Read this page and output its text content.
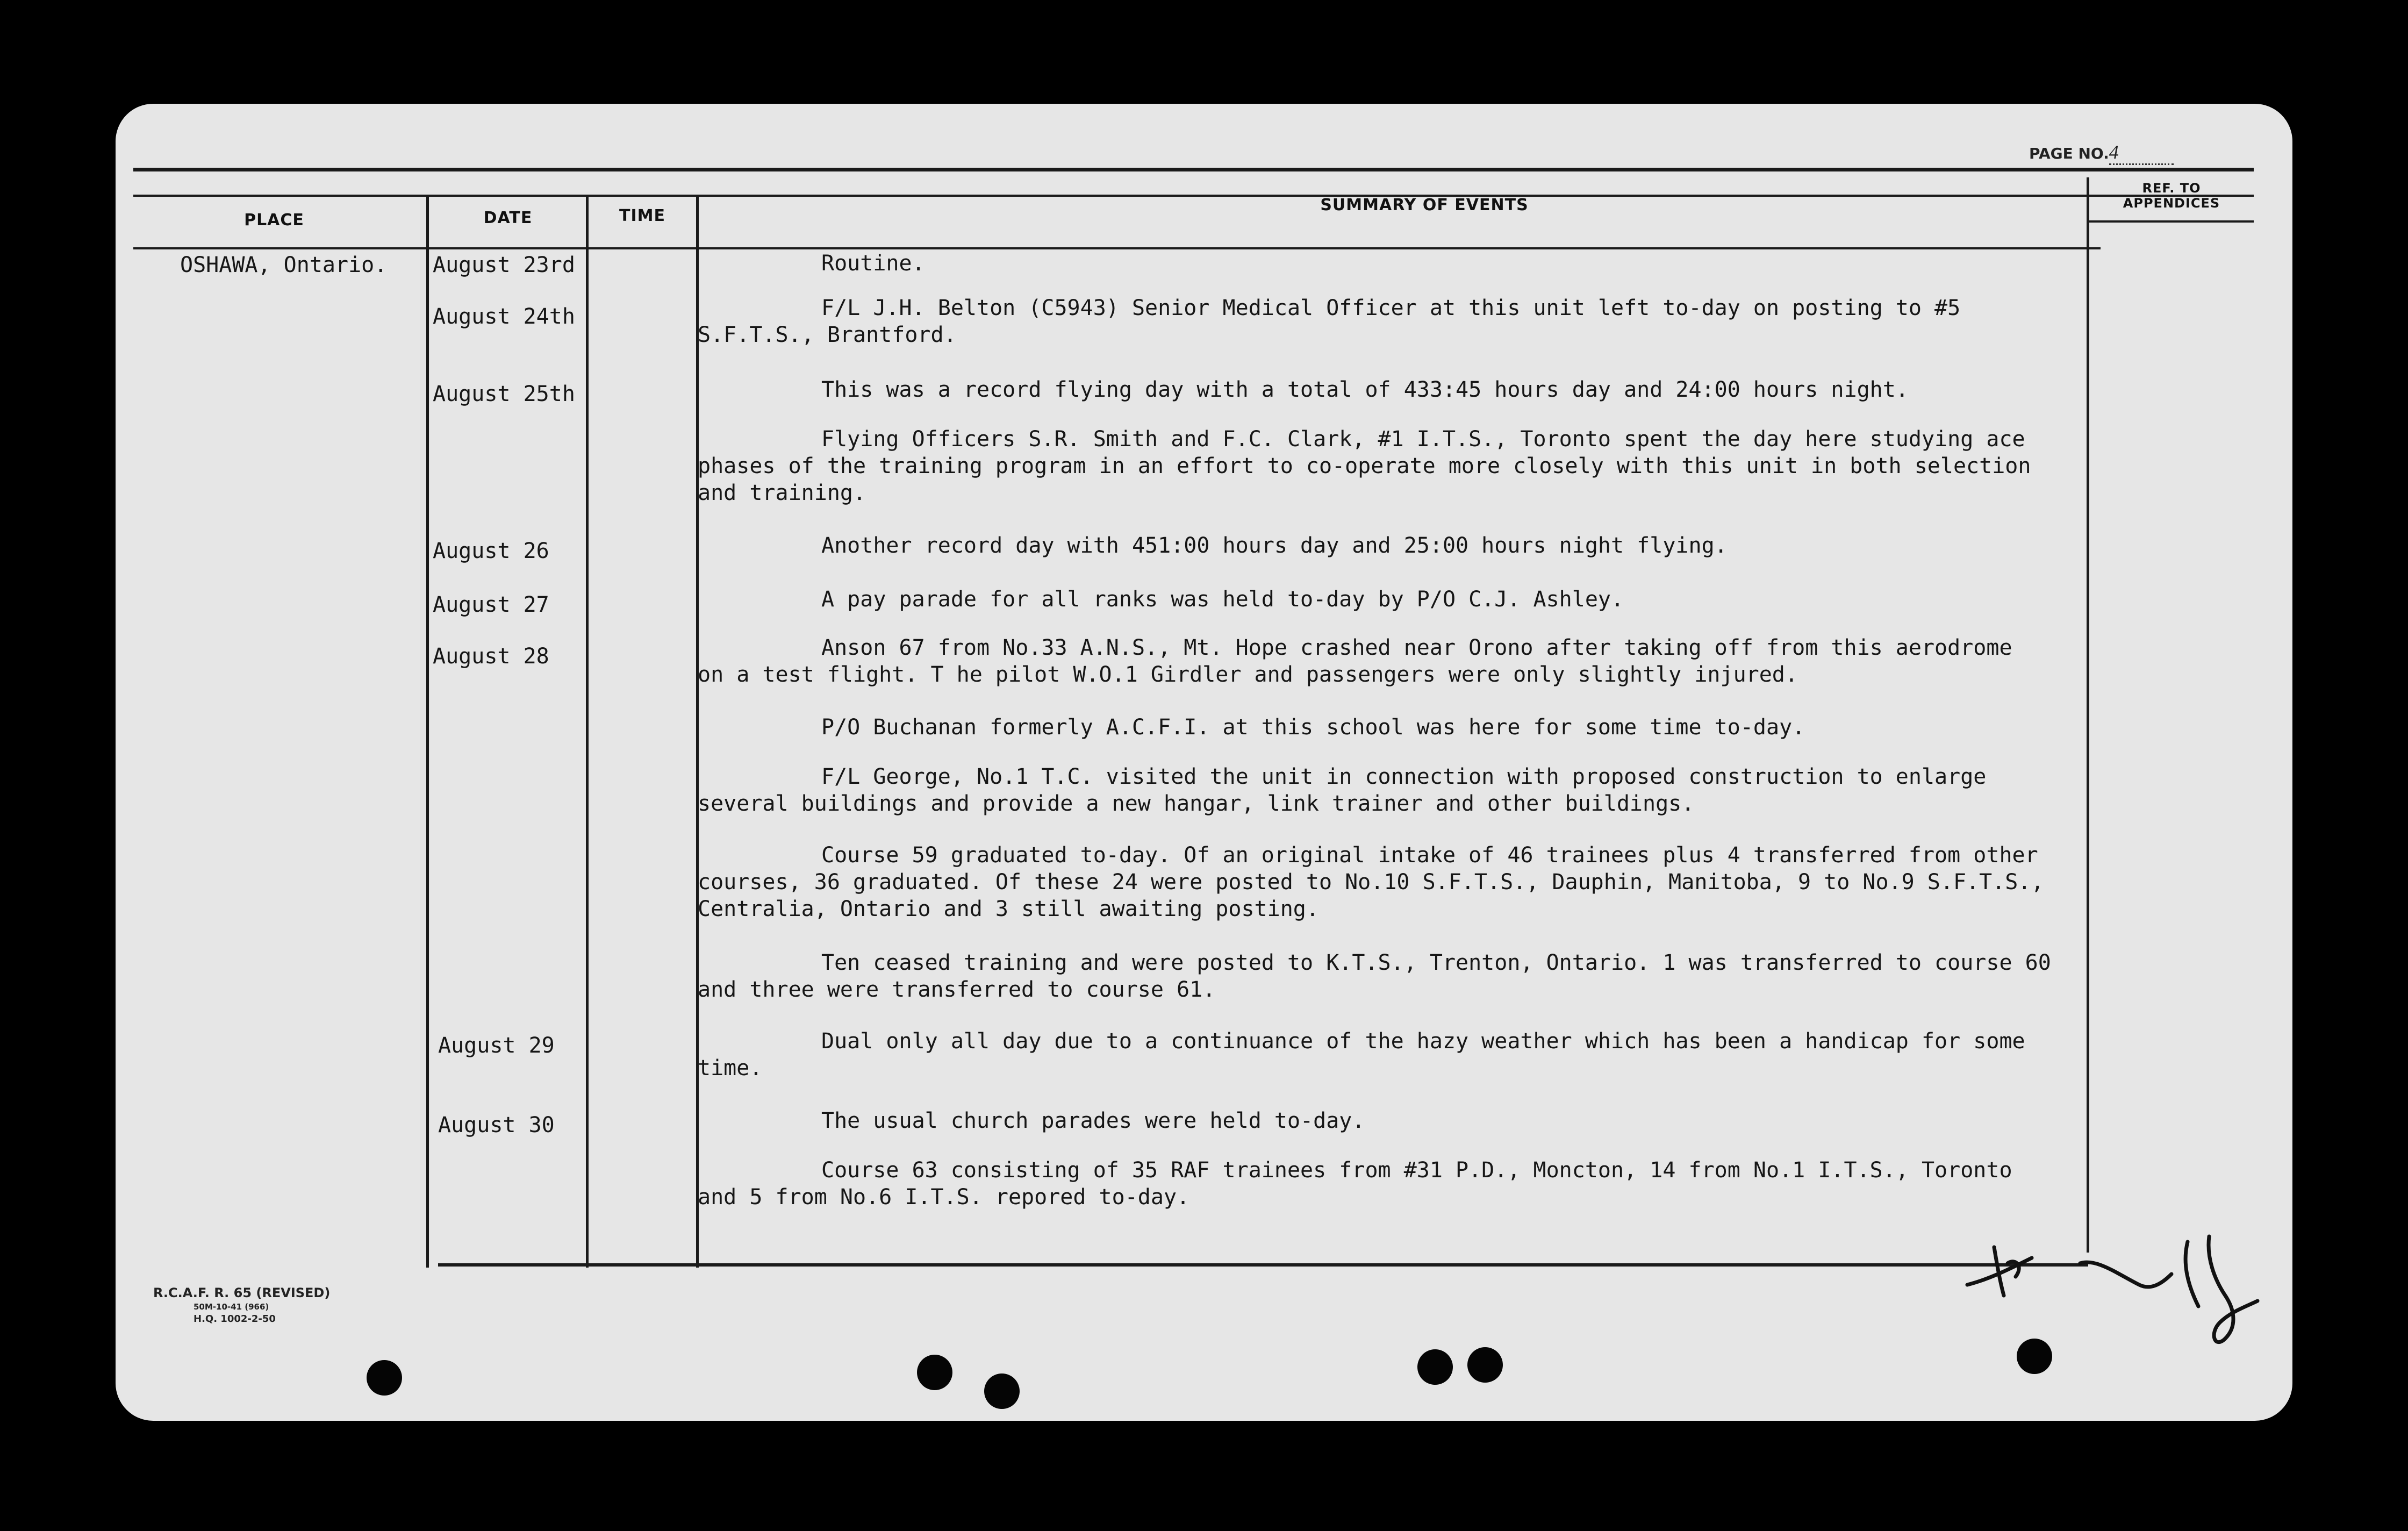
PAGE NO.4
PLACE	DATE	TIME
SUMMARY OF EVENTS
REF. TO
APPENDICES
OSHAWA, Ontario. August 23rd
August 24th
August 25th
August 26
August 27
August 28
August 29
August 30
Routine.
F/L J.H. Belton (C5943) Senior Medical Officer at this unit left to-day on posting to #5
S.F.T.S., Brantford.
This was a record flying day with a total of 433:45 hours day and 24:00 hours night.
Flying Officers S.R. Smith and F.C. Clark, #1 I.T.S., Toronto spent the day here studying ace
phases of the training program in an effort to co-operate more closely with this unit in both selection
and training.
Another record day with 451:00 hours day and 25:00 hours night flying.
A pay parade for all ranks was held to-day by P/O C.J. Ashley.
Anson 67 from No.33 A.N.S., Mt. Hope crashed near Orono after taking off from this aerodrome
on a test flight. T he pilot W.O.1 Girdler and passengers were only slightly injured.
P/O Buchanan formerly A.C.F.I. at this school was here for some time to-day.
F/L George, No.1 T.C. visited the unit in connection with proposed construction to enlarge
several buildings and provide a new hangar, link trainer and other buildings.
Course 59 graduated to-day. Of an original intake of 46 trainees plus 4 transferred from other
courses, 36 graduated. Of these 24 were posted to No.10 S.F.T.S., Dauphin, Manitoba, 9 to No.9 S.F.T.S.,
Centralia, Ontario and 3 still awaiting posting.
Ten ceased training and were posted to K.T.S., Trenton, Ontario. 1 was transferred to course 60
and three were transferred to course 61.
Dual only all day due to a continuance of the hazy weather which has been a handicap for some
time.
The usual church parades were held to-day.
Course 63 consisting of 35 RAF trainees from #31 P.D., Moncton, 14 from No.1 I.T.S., Toronto
and 5 from No.6 I.T.S. repored to-day.
R.C.A.F. R. 65 (REVISED)
50M-10-41 (966)
H.Q. 1002-2-50
